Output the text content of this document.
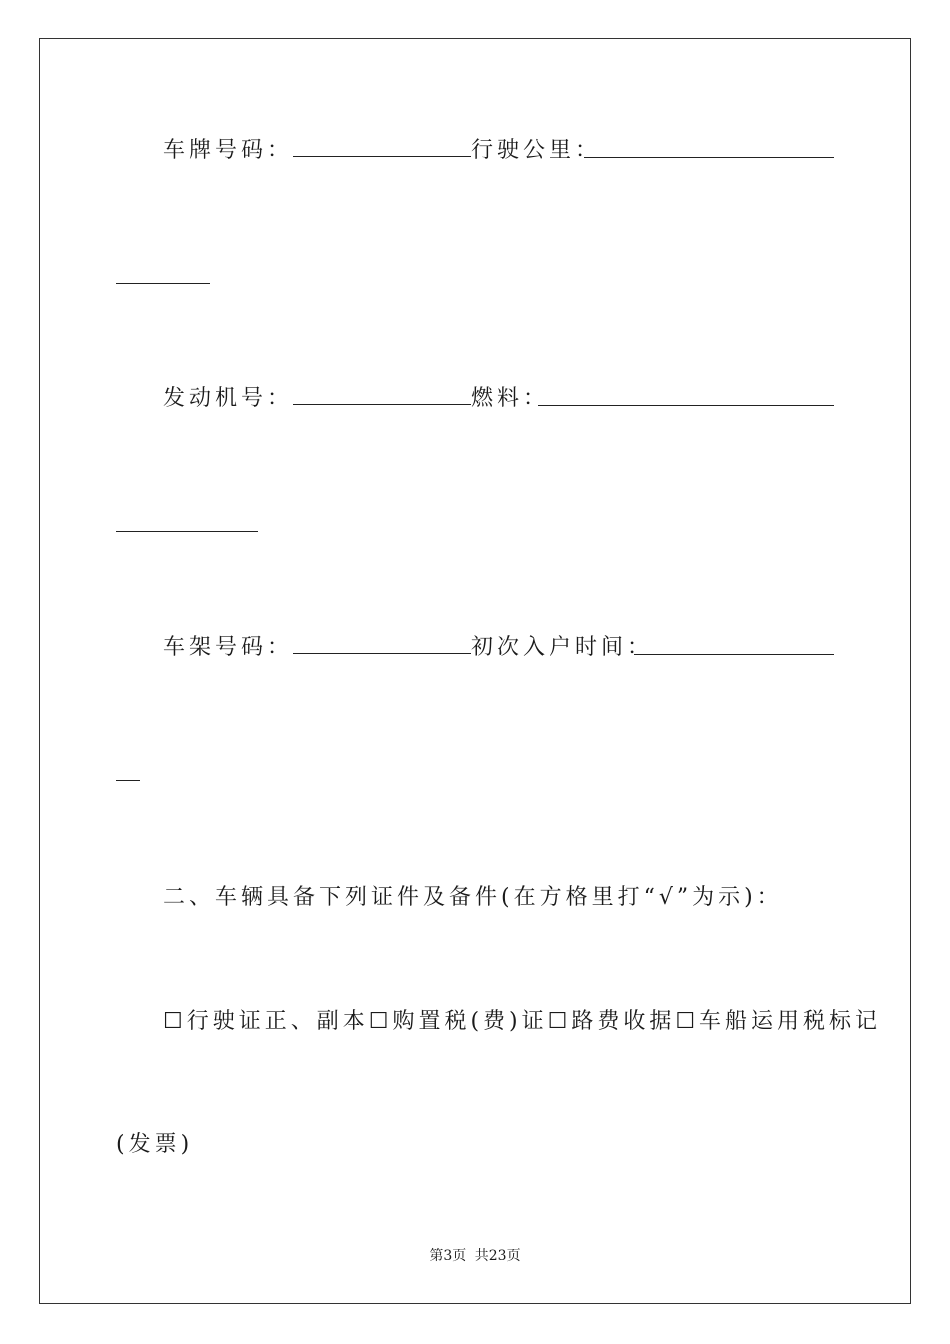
车牌号码：	行驶公里：
发动机号：	燃料：
车架号码：	初次入户时间：
二、车辆具备下列证件及备件(在方格里打“√”为示)：
☐行驶证正、副本☐购置税(费)证☐路费收据☐车船运用税标记
(发票)
第3页 共23页
